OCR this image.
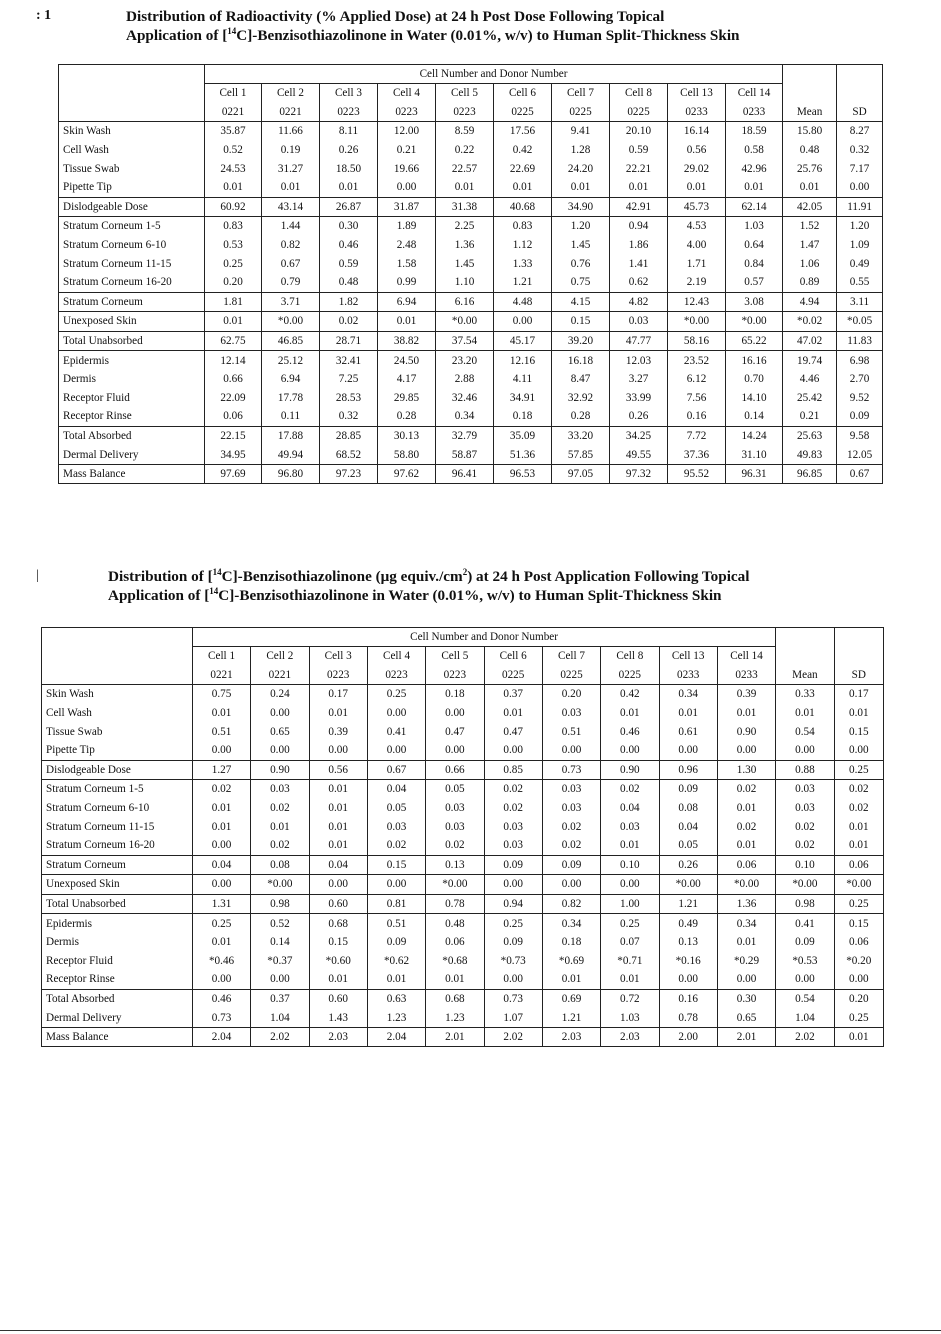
: 1	Distribution of Radioactivity (% Applied Dose) at 24 h Post Dose Following Topical
Application of [$^{14}$C]-Benzisothiazolinone in Water (0.01%, w/v) to Human Split-Thickness Skin
	Cell Number and Donor Number											
	Cell 1	Cell 2	Cell 3	Cell 4	Cell 5	Cell 6	Cell 7	Cell 8	Cell 13	Cell 14		
	0221	0221	0223	0223	0223	0225	0225	0225	0233	0233	Mean	SD
Skin Wash	35.87	11.66	8.11	12.00	8.59	17.56	9.41	20.10	16.14	18.59	15.80	8.27
Cell Wash	0.52	0.19	0.26	0.21	0.22	0.42	1.28	0.59	0.56	0.58	0.48	0.32
Tissue Swab	24.53	31.27	18.50	19.66	22.57	22.69	24.20	22.21	29.02	42.96	25.76	7.17
Pipette Tip	0.01	0.01	0.01	0.00	0.01	0.01	0.01	0.01	0.01	0.01	0.01	0.00
Dislodgeable Dose	60.92	43.14	26.87	31.87	31.38	40.68	34.90	42.91	45.73	62.14	42.05	11.91
Stratum Corneum 1-5	0.83	1.44	0.30	1.89	2.25	0.83	1.20	0.94	4.53	1.03	1.52	1.20
Stratum Corneum 6-10	0.53	0.82	0.46	2.48	1.36	1.12	1.45	1.86	4.00	0.64	1.47	1.09
Stratum Corneum 11-15	0.25	0.67	0.59	1.58	1.45	1.33	0.76	1.41	1.71	0.84	1.06	0.49
Stratum Corneum 16-20	0.20	0.79	0.48	0.99	1.10	1.21	0.75	0.62	2.19	0.57	0.89	0.55
Stratum Corneum	1.81	3.71	1.82	6.94	6.16	4.48	4.15	4.82	12.43	3.08	4.94	3.11
Unexposed Skin	0.01	*0.00	0.02	0.01	*0.00	0.00	0.15	0.03	*0.00	*0.00	*0.02	*0.05
Total Unabsorbed	62.75	46.85	28.71	38.82	37.54	45.17	39.20	47.77	58.16	65.22	47.02	11.83
Epidermis	12.14	25.12	32.41	24.50	23.20	12.16	16.18	12.03	23.52	16.16	19.74	6.98
Dermis	0.66	6.94	7.25	4.17	2.88	4.11	8.47	3.27	6.12	0.70	4.46	2.70
Receptor Fluid	22.09	17.78	28.53	29.85	32.46	34.91	32.92	33.99	7.56	14.10	25.42	9.52
Receptor Rinse	0.06	0.11	0.32	0.28	0.34	0.18	0.28	0.26	0.16	0.14	0.21	0.09
Total Absorbed	22.15	17.88	28.85	30.13	32.79	35.09	33.20	34.25	7.72	14.24	25.63	9.58
Dermal Delivery	34.95	49.94	68.52	58.80	58.87	51.36	57.85	49.55	37.36	31.10	49.83	12.05
Mass Balance	97.69	96.80	97.23	97.62	96.41	96.53	97.05	97.32	95.52	96.31	96.85	0.67
|	Distribution of [$^{14}$C]-Benzisothiazolinone (μg $equiv./cm^2$) at 24 h Post Application Following Topical
Application of [$^{14}$C]-Benzisothiazolinone in Water (0.01%, w/v) to Human Split-Thickness Skin
	Cell Number and Donor Number											
	Cell 1	Cell 2	Cell 3	Cell 4	Cell 5	Cell 6	Cell 7	Cell 8	Cell 13	Cell 14		
	0221	0221	0223	0223	0223	0225	0225	0225	0233	0233	Mean	SD
Skin Wash	0.75	0.24	0.17	0.25	0.18	0.37	0.20	0.42	0.34	0.39	0.33	0.17
Cell Wash	0.01	0.00	0.01	0.00	0.00	0.01	0.03	0.01	0.01	0.01	0.01	0.01
Tissue Swab	0.51	0.65	0.39	0.41	0.47	0.47	0.51	0.46	0.61	0.90	0.54	0.15
Pipette Tip	0.00	0.00	0.00	0.00	0.00	0.00	0.00	0.00	0.00	0.00	0.00	0.00
Dislodgeable Dose	1.27	0.90	0.56	0.67	0.66	0.85	0.73	0.90	0.96	1.30	0.88	0.25
Stratum Corneum 1-5	0.02	0.03	0.01	0.04	0.05	0.02	0.03	0.02	0.09	0.02	0.03	0.02
Stratum Corneum 6-10	0.01	0.02	0.01	0.05	0.03	0.02	0.03	0.04	0.08	0.01	0.03	0.02
Stratum Corneum 11-15	0.01	0.01	0.01	0.03	0.03	0.03	0.02	0.03	0.04	0.02	0.02	0.01
Stratum Corneum 16-20	0.00	0.02	0.01	0.02	0.02	0.03	0.02	0.01	0.05	0.01	0.02	0.01
Stratum Corneum	0.04	0.08	0.04	0.15	0.13	0.09	0.09	0.10	0.26	0.06	0.10	0.06
Unexposed Skin	0.00	*0.00	0.00	0.00	*0.00	0.00	0.00	0.00	*0.00	*0.00	*0.00	*0.00
Total Unabsorbed	1.31	0.98	0.60	0.81	0.78	0.94	0.82	1.00	1.21	1.36	0.98	0.25
Epidermis	0.25	0.52	0.68	0.51	0.48	0.25	0.34	0.25	0.49	0.34	0.41	0.15
Dermis	0.01	0.14	0.15	0.09	0.06	0.09	0.18	0.07	0.13	0.01	0.09	0.06
Receptor Fluid	*0.46	*0.37	*0.60	*0.62	*0.68	*0.73	*0.69	*0.71	*0.16	*0.29	*0.53	*0.20
Receptor Rinse	0.00	0.00	0.01	0.01	0.01	0.00	0.01	0.01	0.00	0.00	0.00	0.00
Total Absorbed	0.46	0.37	0.60	0.63	0.68	0.73	0.69	0.72	0.16	0.30	0.54	0.20
Dermal Delivery	0.73	1.04	1.43	1.23	1.23	1.07	1.21	1.03	0.78	0.65	1.04	0.25
Mass Balance	2.04	2.02	2.03	2.04	2.01	2.02	2.03	2.03	2.00	2.01	2.02	0.01
